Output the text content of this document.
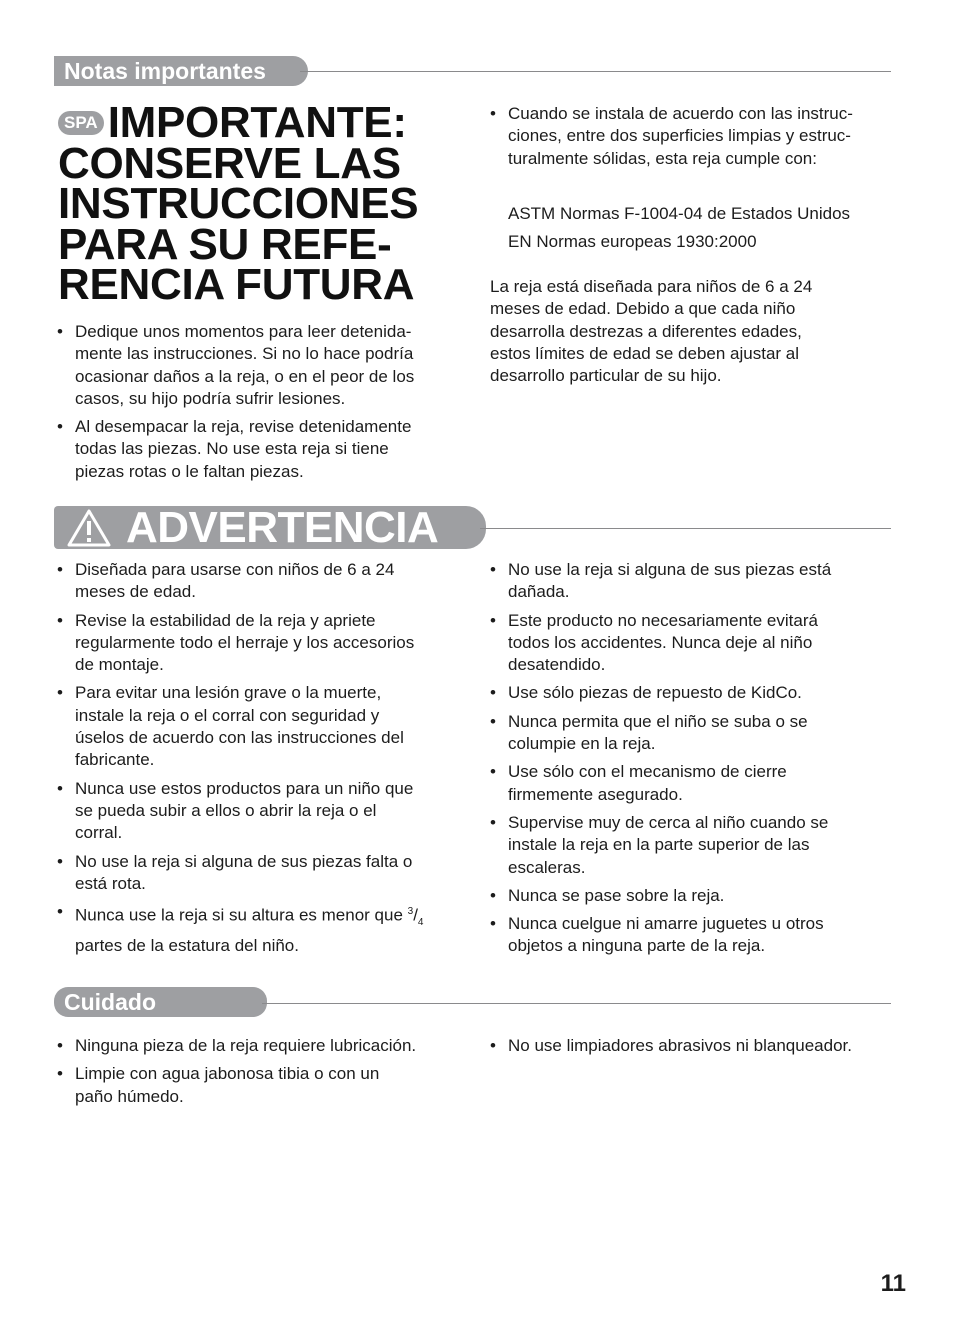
Notas importantes
SPA IMPORTANTE:
CONSERVE LAS
INSTRUCCIONES
PARA SU REFE-
RENCIA FUTURA
• Dedique unos momentos para leer detenida-
mente las instrucciones. Si no lo hace podría
ocasionar daños a la reja, o en el peor de los
casos, su hijo podría sufrir lesiones.
• Al desempacar la reja, revise detenidamente
todas las piezas. No use esta reja si tiene
piezas rotas o le faltan piezas.
• Cuando se instala de acuerdo con las instruc-
ciones, entre dos superficies limpias y estruc-
turalmente sólidas, esta reja cumple con:
ASTM Normas F-1004-04 de Estados Unidos
EN Normas europeas 1930:2000
La reja está diseñada para niños de 6 a 24
meses de edad. Debido a que cada niño
desarrolla destrezas a diferentes edades,
estos límites de edad se deben ajustar al
desarrollo particular de su hijo.
ADVERTENCIA
• Diseñada para usarse con niños de 6 a 24
meses de edad.
• Revise la estabilidad de la reja y apriete
regularmente todo el herraje y los accesorios
de montaje.
• Para evitar una lesión grave o la muerte,
instale la reja o el corral con seguridad y
úselos de acuerdo con las instrucciones del
fabricante.
• Nunca use estos productos para un niño que
se pueda subir a ellos o abrir la reja o el
corral.
• No use la reja si alguna de sus piezas falta o
está rota.
• Nunca use la reja si su altura es menor que $^3/_4$
partes de la estatura del niño.
• No use la reja si alguna de sus piezas está
dañada.
• Este producto no necesariamente evitará
todos los accidentes. Nunca deje al niño
desatendido.
• Use sólo piezas de repuesto de KidCo.
• Nunca permita que el niño se suba o se
columpie en la reja.
• Use sólo con el mecanismo de cierre
firmemente asegurado.
• Supervise muy de cerca al niño cuando se
instale la reja en la parte superior de las
escaleras.
• Nunca se pase sobre la reja.
• Nunca cuelgue ni amarre juguetes u otros
objetos a ninguna parte de la reja.
Cuidado
• Ninguna pieza de la reja requiere lubricación.
• Limpie con agua jabonosa tibia o con un
paño húmedo.
• No use limpiadores abrasivos ni blanqueador.
11
